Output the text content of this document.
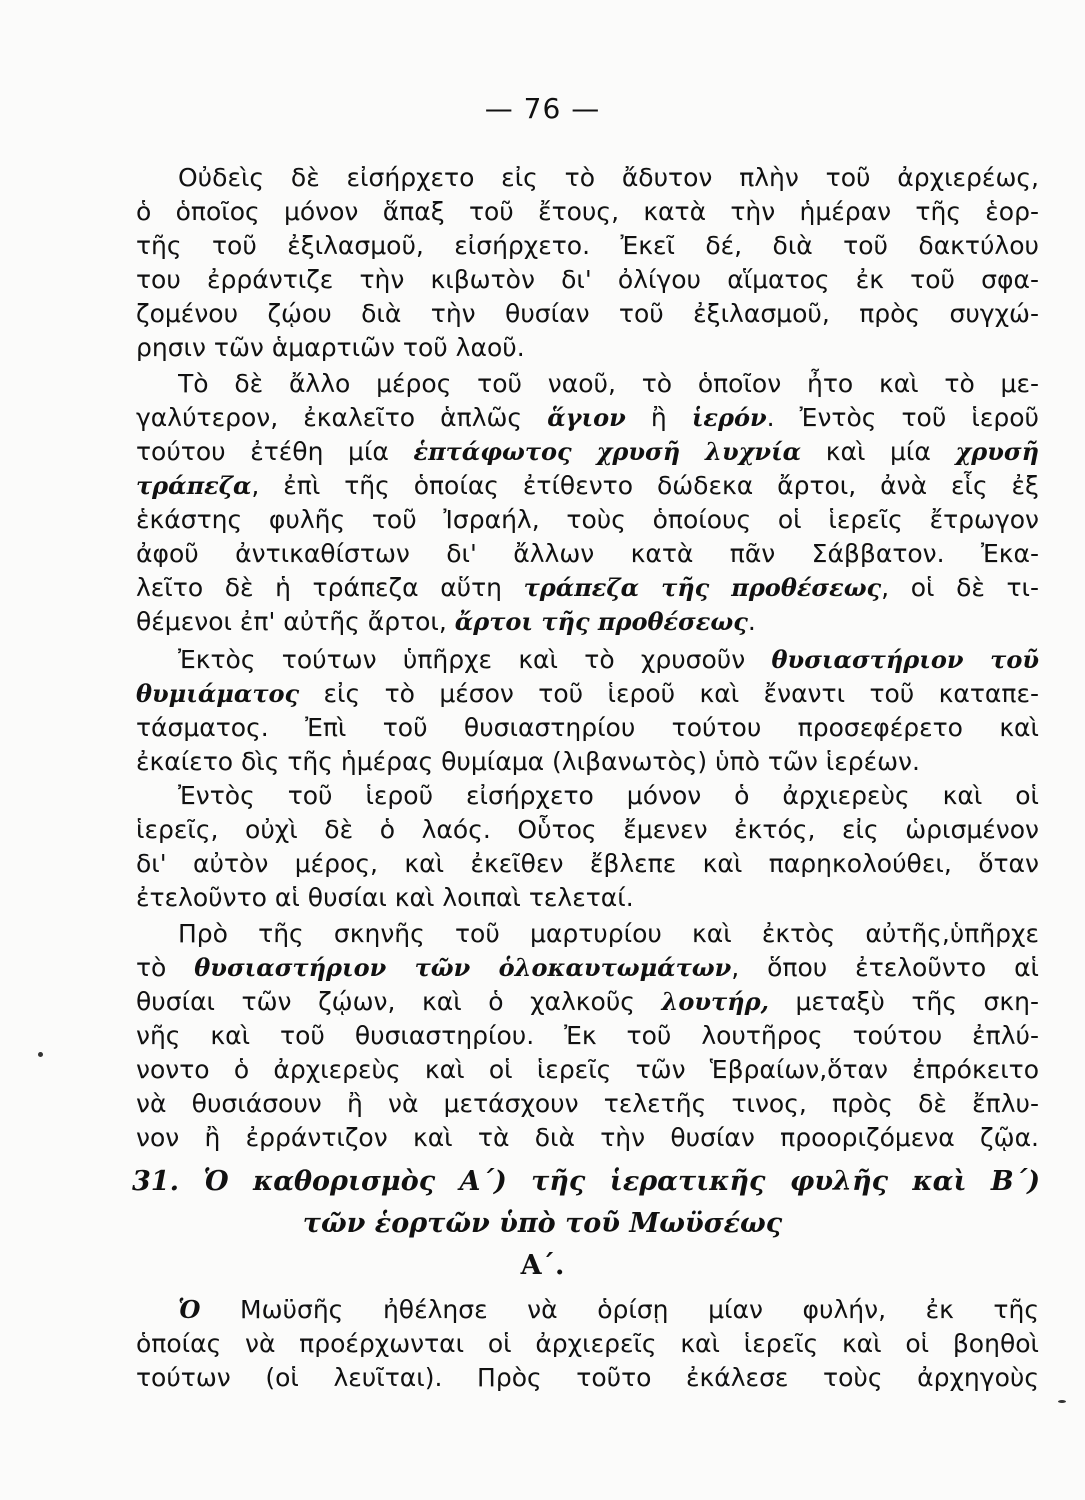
— 76 —
Οὐδεὶς δὲ εἰσήρχετο εἰς τὸ ἄδυτον πλὴν τοῦ ἀρχιερέως,
ὁ ὁποῖος μόνον ἅπαξ τοῦ ἔτους, κατὰ τὴν ἡμέραν τῆς ἑορ-
τῆς τοῦ ἐξιλασμοῦ, εἰσήρχετο. Ἐκεῖ δέ, διὰ τοῦ δακτύλου
του ἐρράντιζε τὴν κιβωτὸν δι' ὀλίγου αἵματος ἐκ τοῦ σφα-
ζομένου ζῴου διὰ τὴν θυσίαν τοῦ ἐξιλασμοῦ, πρὸς συγχώ-
ρησιν τῶν ἁμαρτιῶν τοῦ λαοῦ.
Τὸ δὲ ἄλλο μέρος τοῦ ναοῦ, τὸ ὁποῖον ἦτο καὶ τὸ με-
γαλύτερον, ἐκαλεῖτο ἁπλῶς ἅγιον ἢ ἱερόν. Ἐντὸς τοῦ ἱεροῦ
τούτου ἐτέθη μία ἑπτάφωτος χρυσῆ λυχνία καὶ μία χρυσῆ
τράπεζα, ἐπὶ τῆς ὁποίας ἐτίθεντο δώδεκα ἄρτοι, ἀνὰ εἷς ἐξ
ἑκάστης φυλῆς τοῦ Ἰσραήλ, τοὺς ὁποίους οἱ ἱερεῖς ἔτρωγον
ἀφοῦ ἀντικαθίστων δι' ἄλλων κατὰ πᾶν Σάββατον. Ἐκα-
λεῖτο δὲ ἡ τράπεζα αὕτη τράπεζα τῆς προθέσεως, οἱ δὲ τι-
θέμενοι ἐπ' αὐτῆς ἄρτοι, ἄρτοι τῆς προθέσεως.
Ἐκτὸς τούτων ὑπῆρχε καὶ τὸ χρυσοῦν θυσιαστήριον τοῦ
θυμιάματος εἰς τὸ μέσον τοῦ ἱεροῦ καὶ ἔναντι τοῦ καταπε-
τάσματος. Ἐπὶ τοῦ θυσιαστηρίου τούτου προσεφέρετο καὶ
ἐκαίετο δὶς τῆς ἡμέρας θυμίαμα (λιβανωτὸς) ὑπὸ τῶν ἱερέων.
Ἐντὸς τοῦ ἱεροῦ εἰσήρχετο μόνον ὁ ἀρχιερεὺς καὶ οἱ
ἱερεῖς, οὐχὶ δὲ ὁ λαός. Οὗτος ἔμενεν ἐκτός, εἰς ὡρισμένον
δι' αὐτὸν μέρος, καὶ ἐκεῖθεν ἔβλεπε καὶ παρηκολούθει, ὅταν
ἐτελοῦντο αἱ θυσίαι καὶ λοιπαὶ τελεταί.
Πρὸ τῆς σκηνῆς τοῦ μαρτυρίου καὶ ἐκτὸς αὐτῆς,ὑπῆρχε
τὸ θυσιαστήριον τῶν ὁλοκαυτωμάτων, ὅπου ἐτελοῦντο αἱ
θυσίαι τῶν ζῴων, καὶ ὁ χαλκοῦς λουτήρ, μεταξὺ τῆς σκη-
νῆς καὶ τοῦ θυσιαστηρίου. Ἐκ τοῦ λουτῆρος τούτου ἐπλύ-
νοντο ὁ ἀρχιερεὺς καὶ οἱ ἱερεῖς τῶν Ἑβραίων,ὅταν ἐπρόκειτο
νὰ θυσιάσουν ἢ νὰ μετάσχουν τελετῆς τινος, πρὸς δὲ ἔπλυ-
νον ἢ ἐρράντιζον καὶ τὰ διὰ τὴν θυσίαν προοριζόμενα ζῷα.
31. Ὁ καθορισμὸς Α΄) τῆς ἱερατικῆς φυλῆς καὶ Β΄)
τῶν ἑορτῶν ὑπὸ τοῦ Μωϋσέως
Α΄.
Ὁ Μωϋσῆς ἠθέλησε νὰ ὁρίσῃ μίαν φυλήν, ἐκ τῆς
ὁποίας νὰ προέρχωνται οἱ ἀρχιερεῖς καὶ ἱερεῖς καὶ οἱ βοηθοὶ
τούτων (οἱ λευῖται). Πρὸς τοῦτο ἐκάλεσε τοὺς ἀρχηγοὺς
